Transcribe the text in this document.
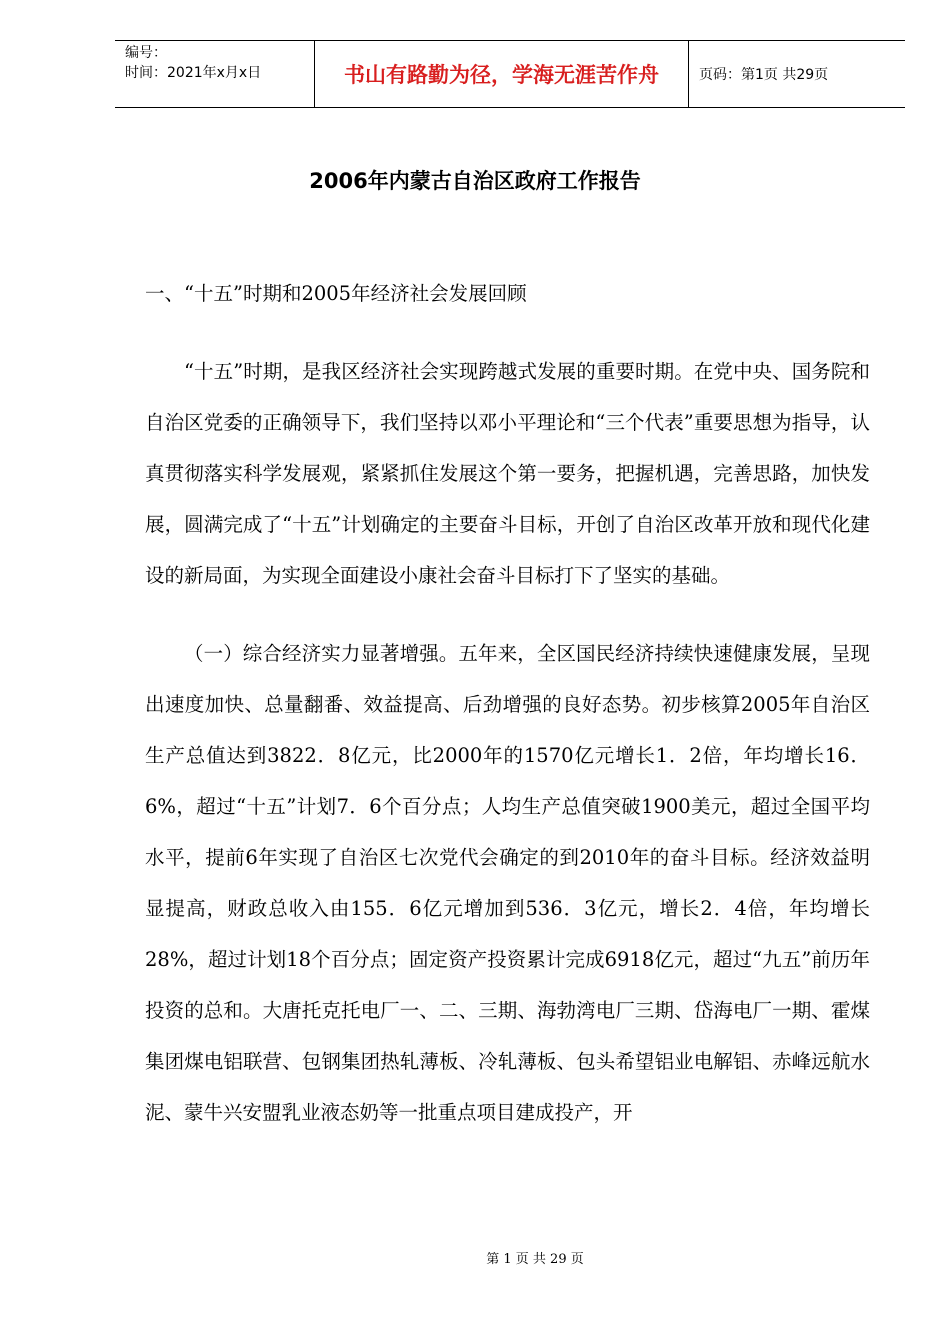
编号：
时间：2021年x月x日	书山有路勤为径，学海无涯苦作舟	页码：第1页 共29页
2006年内蒙古自治区政府工作报告

一、“十五”时期和2005年经济社会发展回顾

“十五”时期，是我区经济社会实现跨越式发展的重要时期。在党中央、国务院和自治区党委的正确领导下，我们坚持以邓小平理论和“三个代表”重要思想为指导，认真贯彻落实科学发展观，紧紧抓住发展这个第一要务，把握机遇，完善思路，加快发展，圆满完成了“十五”计划确定的主要奋斗目标，开创了自治区改革开放和现代化建设的新局面，为实现全面建设小康社会奋斗目标打下了坚实的基础。

（一）综合经济实力显著增强。五年来，全区国民经济持续快速健康发展，呈现出速度加快、总量翻番、效益提高、后劲增强的良好态势。初步核算2005年自治区生产总值达到3822．8亿元，比2000年的1570亿元增长1．2倍，年均增长16．6%，超过“十五”计划7．6个百分点；人均生产总值突破1900美元，超过全国平均水平，提前6年实现了自治区七次党代会确定的到2010年的奋斗目标。经济效益明显提高，财政总收入由155．6亿元增加到536．3亿元，增长2．4倍，年均增长28%，超过计划18个百分点；固定资产投资累计完成6918亿元，超过“九五”前历年投资的总和。大唐托克托电厂一、二、三期、海勃湾电厂三期、岱海电厂一期、霍煤集团煤电铝联营、包钢集团热轧薄板、冷轧薄板、包头希望铝业电解铝、赤峰远航水泥、蒙牛兴安盟乳业液态奶等一批重点项目建成投产，开

第 1 页 共 29 页
